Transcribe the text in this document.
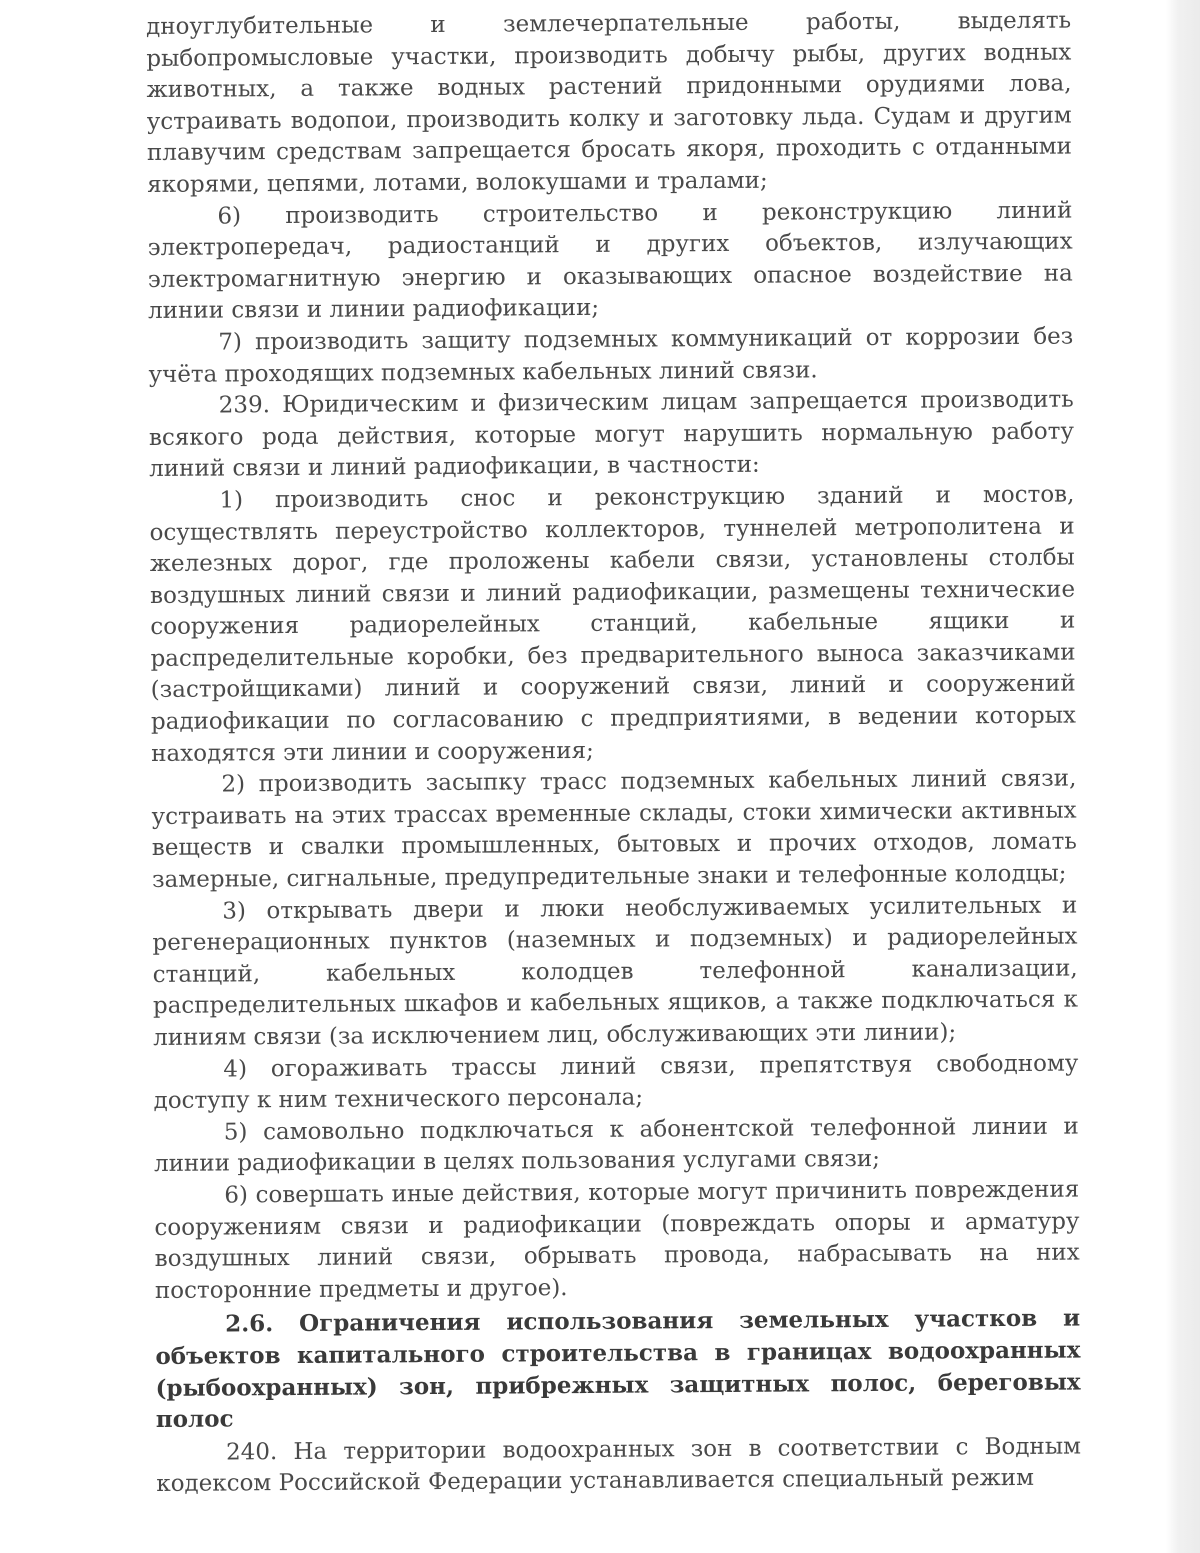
дноуглубительные и землечерпательные работы, выделять рыбопромысловые участки, производить добычу рыбы, других водных животных, а также водных растений придонными орудиями лова, устраивать водопои, производить колку и заготовку льда. Судам и другим плавучим средствам запрещается бросать якоря, проходить с отданными якорями, цепями, лотами, волокушами и тралами;

6) производить строительство и реконструкцию линий электропередач, радиостанций и других объектов, излучающих электромагнитную энергию и оказывающих опасное воздействие на линии связи и линии радиофикации;

7) производить защиту подземных коммуникаций от коррозии без учёта проходящих подземных кабельных линий связи.

239. Юридическим и физическим лицам запрещается производить всякого рода действия, которые могут нарушить нормальную работу линий связи и линий радиофикации, в частности:

1) производить снос и реконструкцию зданий и мостов, осуществлять переустройство коллекторов, туннелей метрополитена и железных дорог, где проложены кабели связи, установлены столбы воздушных линий связи и линий радиофикации, размещены технические сооружения радиорелейных станций, кабельные ящики и распределительные коробки, без предварительного выноса заказчиками (застройщиками) линий и сооружений связи, линий и сооружений радиофикации по согласованию с предприятиями, в ведении которых находятся эти линии и сооружения;

2) производить засыпку трасс подземных кабельных линий связи, устраивать на этих трассах временные склады, стоки химически активных веществ и свалки промышленных, бытовых и прочих отходов, ломать замерные, сигнальные, предупредительные знаки и телефонные колодцы;

3) открывать двери и люки необслуживаемых усилительных и регенерационных пунктов (наземных и подземных) и радиорелейных станций, кабельных колодцев телефонной канализации, распределительных шкафов и кабельных ящиков, а также подключаться к линиям связи (за исключением лиц, обслуживающих эти линии);

4) огораживать трассы линий связи, препятствуя свободному доступу к ним технического персонала;

5) самовольно подключаться к абонентской телефонной линии и линии радиофикации в целях пользования услугами связи;

6) совершать иные действия, которые могут причинить повреждения сооружениям связи и радиофикации (повреждать опоры и арматуру воздушных линий связи, обрывать провода, набрасывать на них посторонние предметы и другое).

2.6. Ограничения использования земельных участков и объектов капитального строительства в границах водоохранных (рыбоохранных) зон, прибрежных защитных полос, береговых полос

240. На территории водоохранных зон в соответствии с Водным кодексом Российской Федерации устанавливается специальный режим
